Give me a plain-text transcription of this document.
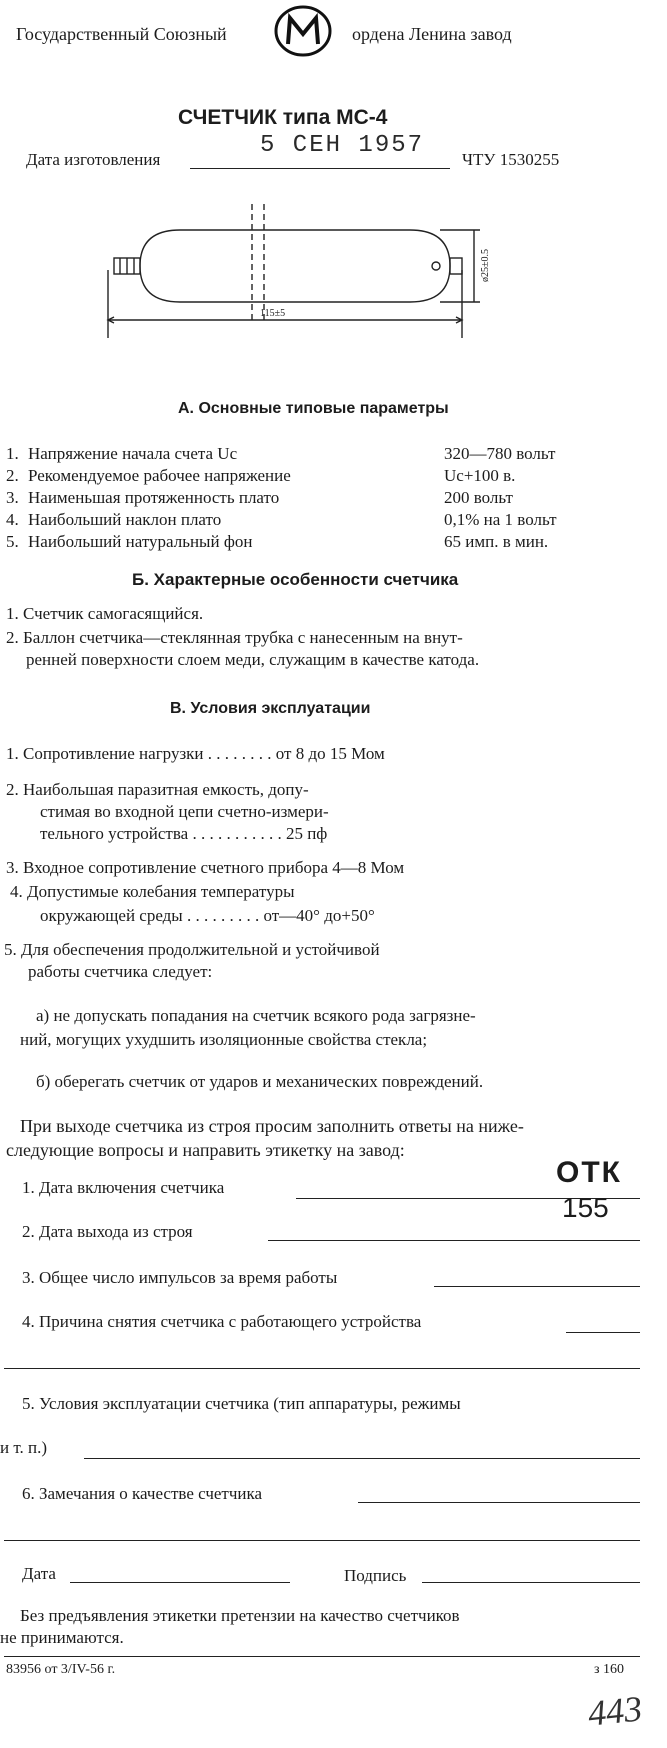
Государственный Союзный	ордена Ленина завод
СЧЕТЧИК типа МС-4
Дата изготовления
5 СЕН 1957
ЧТУ 1530255
115±5
ø25±0.5
А. Основные типовые параметры
1. Напряжение начала счета Uс	320—780 вольт
2. Рекомендуемое рабочее напряжение	Uс+100 в.
3. Наименьшая протяженность плато	200 вольт
4. Наибольший наклон плато	0,1% на 1 вольт
5. Наибольший натуральный фон	65 имп. в мин.
Б. Характерные особенности счетчика
1. Счетчик самогасящийся.
2. Баллон счетчика—стеклянная трубка с нанесенным на внут-
ренней поверхности слоем меди, служащим в качестве катода.
В. Условия эксплуатации
1. Сопротивление нагрузки . . . . . . . . от 8 до 15 Мом
2. Наибольшая паразитная емкость, допу-
стимая во входной цепи счетно-измери-
тельного устройства . . . . . . . . . . . 25 пф
3. Входное сопротивление счетного прибора 4—8 Мом
4. Допустимые колебания температуры
окружающей среды . . . . . . . . . от—40° до+50°
5. Для обеспечения продолжительной и устойчивой
работы счетчика следует:
а) не допускать попадания на счетчик всякого рода загрязне-
ний, могущих ухудшить изоляционные свойства стекла;
б) оберегать счетчик от ударов и механических повреждений.
При выходе счетчика из строя просим заполнить ответы на ниже-
следующие вопросы и направить этикетку на завод:
1. Дата включения счетчика	ОТК
155
2. Дата выхода из строя
3. Общее число импульсов за время работы
4. Причина снятия счетчика с работающего устройства
5. Условия эксплуатации счетчика (тип аппаратуры, режимы
и т. п.)
6. Замечания о качестве счетчика
Дата	Подпись
Без предъявления этикетки претензии на качество счетчиков
не принимаются.
83956 от 3/IV-56 г.	з 160
443
